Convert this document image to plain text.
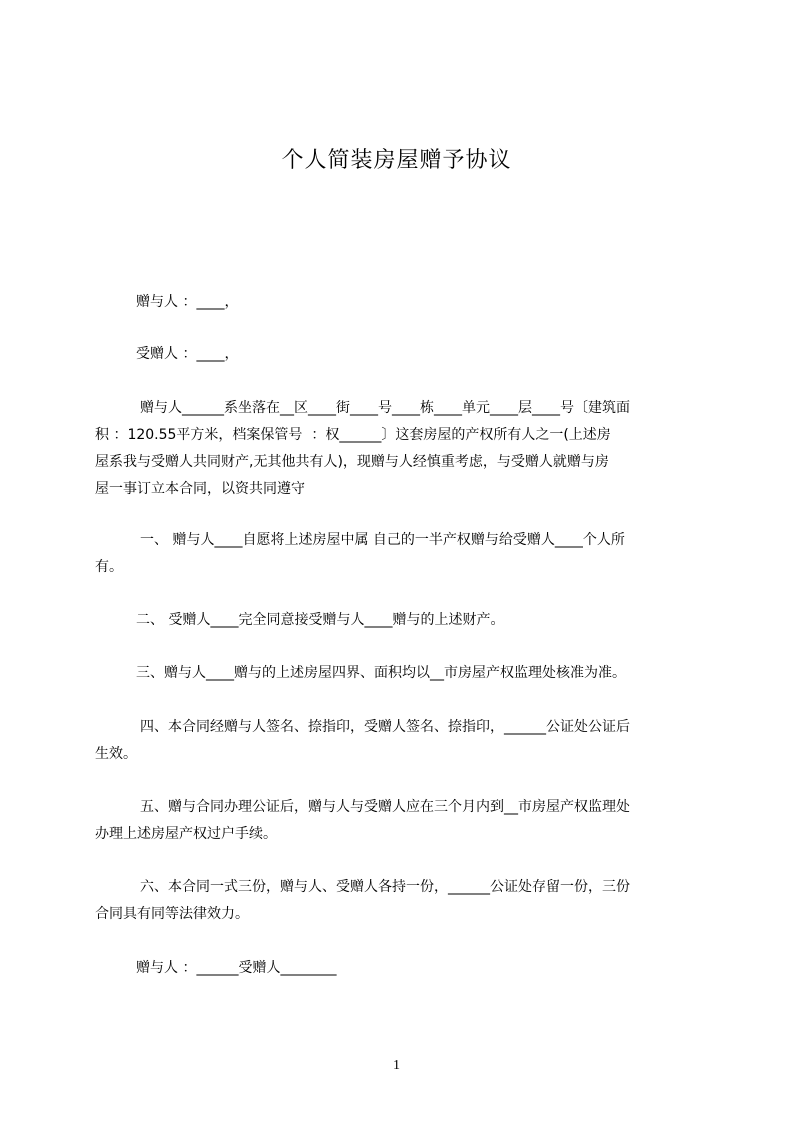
个人简装房屋赠予协议
赠与人 ：____，
受赠人 ：____，
赠与人______系坐落在__区____街____号____栋____单元____层____号〔建筑面
积 ：120.55平方米，档案保管号  ：权______〕这套房屋的产权所有人之一(上述房
屋系我与受赠人共同财产,无其他共有人)，现赠与人经慎重考虑，与受赠人就赠与房
屋一事订立本合同，以资共同遵守
一、 赠与人____自愿将上述房屋中属 自己的一半产权赠与给受赠人____个人所
有。
二、 受赠人____完全同意接受赠与人____赠与的上述财产。
三、赠与人____赠与的上述房屋四界、面积均以__市房屋产权监理处核准为准。
四、本合同经赠与人签名、捺指印，受赠人签名、捺指印，______公证处公证后
生效。
五、赠与合同办理公证后，赠与人与受赠人应在三个月内到__市房屋产权监理处
办理上述房屋产权过户手续。
六、本合同一式三份，赠与人、受赠人各持一份，______公证处存留一份，三份
合同具有同等法律效力。
赠与人 ：______受赠人________
1
